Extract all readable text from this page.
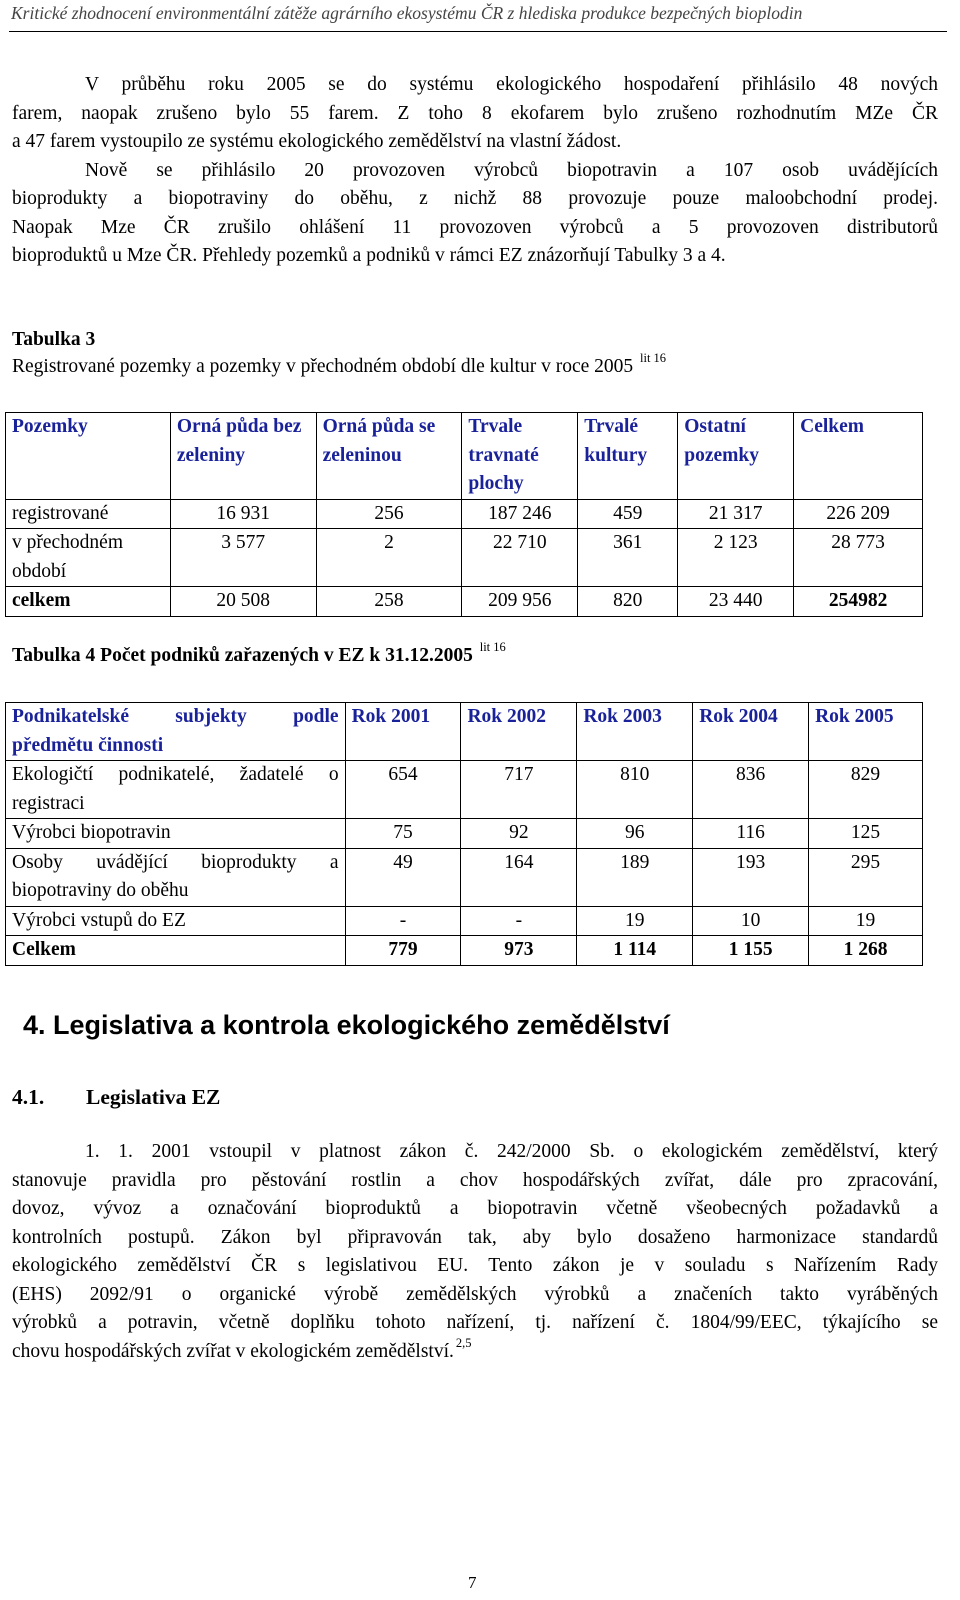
Kritické zhodnocení environmentální zátěže agrárního ekosystému ČR z hlediska produkce bezpečných bioplodin
V průběhu roku 2005 se do systému ekologického hospodaření přihlásilo 48 nových
farem, naopak zrušeno bylo 55 farem. Z toho 8 ekofarem bylo zrušeno rozhodnutím MZe ČR
a 47 farem vystoupilo ze systému ekologického zemědělství na vlastní žádost.
Nově se přihlásilo 20 provozoven výrobců biopotravin a 107 osob uvádějících
bioprodukty a biopotraviny do oběhu, z nichž 88 provozuje pouze maloobchodní prodej.
Naopak Mze ČR zrušilo ohlášení 11 provozoven výrobců a 5 provozoven distributorů
bioproduktů u Mze ČR. Přehledy pozemků a podniků v rámci EZ znázorňují Tabulky 3 a 4.
Tabulka 3
Registrované pozemky a pozemky v přechodném období dle kultur v roce 2005 $^{lit 16}$
Pozemky	Orná půda bez zeleniny	Orná půda se zeleninou	Trvale travnaté plochy	Trvalé kultury	Ostatní pozemky	Celkem
registrované	16 931	256	187 246	459	21 317	226 209
v přechodném období	3 577	2	22 710	361	2 123	28 773
celkem	20 508	258	209 956	820	23 440	254982
Tabulka 4 Počet podniků zařazených v EZ k 31.12.2005 $^{lit 16}$
Podnikatelské subjekty podle předmětu činnosti	Rok 2001	Rok 2002	Rok 2003	Rok 2004	Rok 2005
Ekologičtí podnikatelé, žadatelé o registraci	654	717	810	836	829
Výrobci biopotravin	75	92	96	116	125
Osoby uvádějící bioprodukty a biopotraviny do oběhu	49	164	189	193	295
Výrobci vstupů do EZ	-	-	19	10	19
Celkem	779	973	1 114	1 155	1 268
4. Legislativa a kontrola ekologického zemědělství
4.1. Legislativa EZ
1. 1. 2001 vstoupil v platnost zákon č. 242/2000 Sb. o ekologickém zemědělství, který
stanovuje pravidla pro pěstování rostlin a chov hospodářských zvířat, dále pro zpracování,
dovoz, vývoz a označování bioproduktů a biopotravin včetně všeobecných požadavků a
kontrolních postupů. Zákon byl připravován tak, aby bylo dosaženo harmonizace standardů
ekologického zemědělství ČR s legislativou EU. Tento zákon je v souladu s Nařízením Rady
(EHS) 2092/91 o organické výrobě zemědělských výrobků a značeních takto vyráběných
výrobků a potravin, včetně doplňku tohoto nařízení, tj. nařízení č. 1804/99/EEC, týkajícího se
chovu hospodářských zvířat v ekologickém zemědělství. $^{2,5}$
7
